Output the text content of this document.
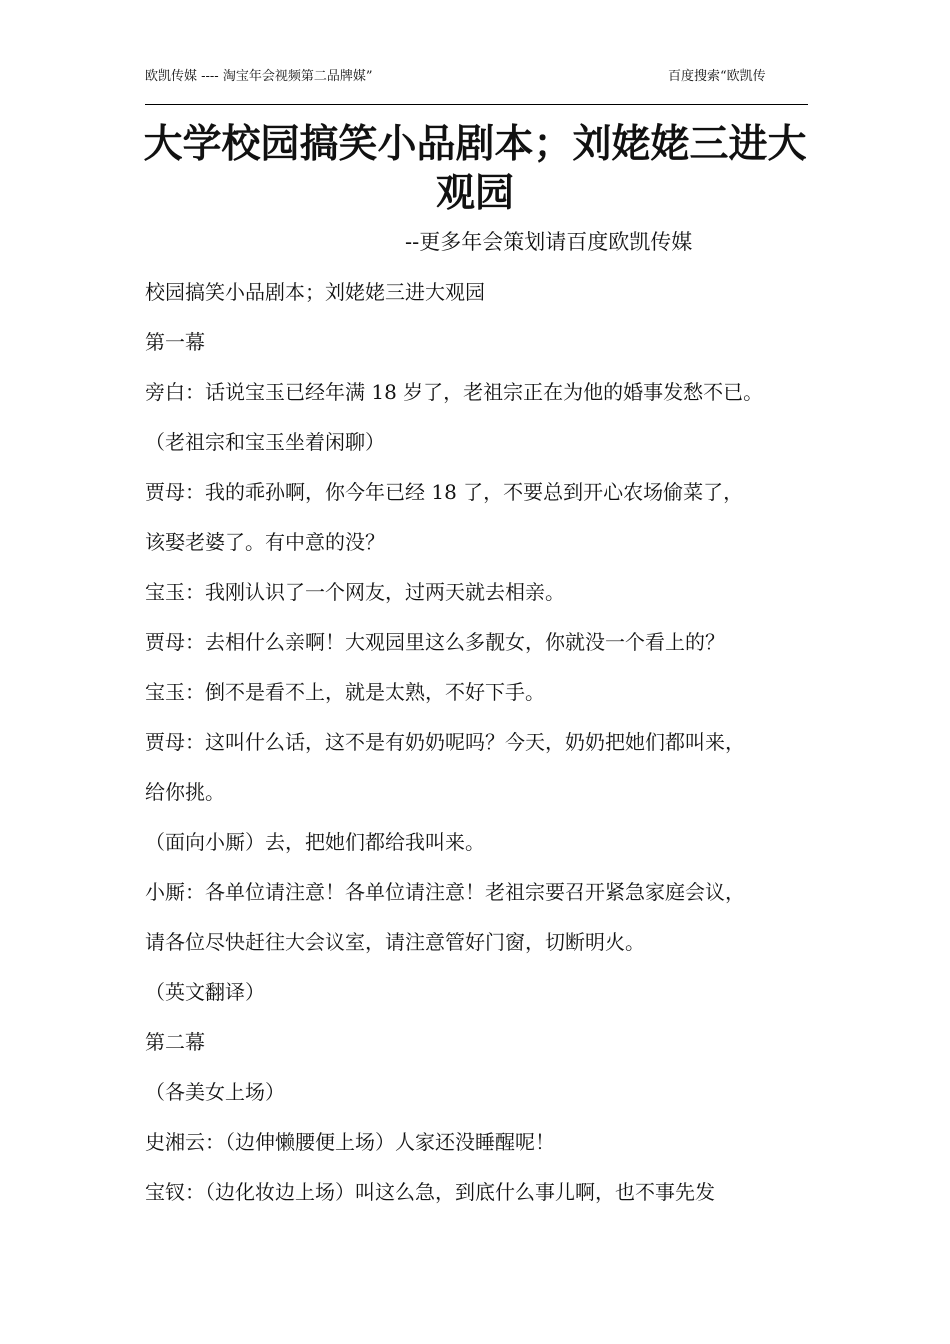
欧凯传媒 ---- 淘宝年会视频第二品牌媒”	百度搜索“欧凯传
大学校园搞笑小品剧本；刘姥姥三进大观园
--更多年会策划请百度欧凯传媒
校园搞笑小品剧本；刘姥姥三进大观园
第一幕
旁白：话说宝玉已经年满 18 岁了，老祖宗正在为他的婚事发愁不已。
（老祖宗和宝玉坐着闲聊）
贾母：我的乖孙啊，你今年已经 18 了，不要总到开心农场偷菜了，
该娶老婆了。有中意的没？
宝玉：我刚认识了一个网友，过两天就去相亲。
贾母：去相什么亲啊！大观园里这么多靓女，你就没一个看上的？
宝玉：倒不是看不上，就是太熟，不好下手。
贾母：这叫什么话，这不是有奶奶呢吗？今天，奶奶把她们都叫来，
给你挑。
（面向小厮）去，把她们都给我叫来。
小厮：各单位请注意！各单位请注意！老祖宗要召开紧急家庭会议，
请各位尽快赶往大会议室，请注意管好门窗，切断明火。
（英文翻译）
第二幕
（各美女上场）
史湘云：（边伸懒腰便上场）人家还没睡醒呢！
宝钗：（边化妆边上场）叫这么急，到底什么事儿啊，也不事先发
